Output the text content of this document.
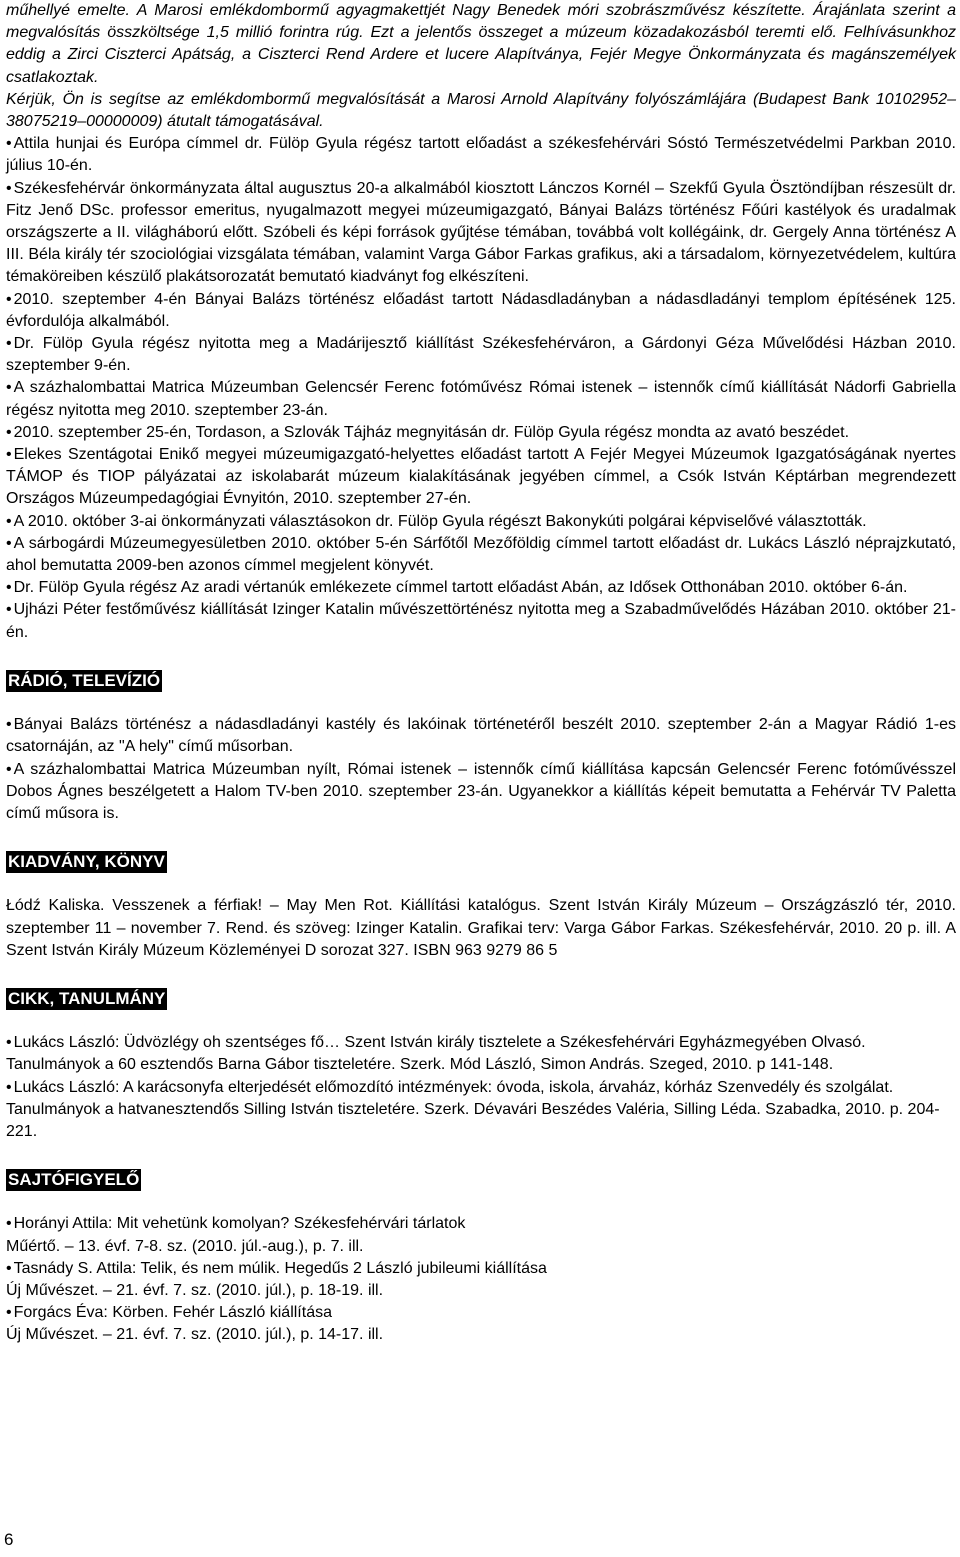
műhellyé emelte. A Marosi emlékdombormű agyagmakettjét Nagy Benedek móri szobrászművész készítette. Árajánlata szerint a megvalósítás összköltsége 1,5 millió forintra rúg. Ezt a jelentős összeget a múzeum közadakozásból teremti elő. Felhívásunkhoz eddig a Zirci Ciszterci Apátság, a Ciszterci Rend Ardere et lucere Alapítványa, Fejér Megye Önkormányzata és magánszemélyek csatlakoztak.

Kérjük, Ön is segítse az emlékdombormű megvalósítását a Marosi Arnold Alapítvány folyószámlájára (Budapest Bank 10102952–38075219–00000009) átutalt támogatásával.

• Attila hunjai és Európa címmel dr. Fülöp Gyula régész tartott előadást a székesfehérvári Sóstó Természetvédelmi Parkban 2010. július 10-én.

• Székesfehérvár önkormányzata által augusztus 20-a alkalmából kiosztott Lánczos Kornél – Szekfű Gyula Ösztöndíjban részesült dr. Fitz Jenő DSc. professor emeritus, nyugalmazott megyei múzeumigazgató, Bányai Balázs történész Főúri kastélyok és uradalmak országszerte a II. világháború előtt. Szóbeli és képi források gyűjtése témában, továbbá volt kollégáink, dr. Gergely Anna történész A III. Béla király tér szociológiai vizsgálata témában, valamint Varga Gábor Farkas grafikus, aki a társadalom, környezetvédelem, kultúra témaköreiben készülő plakátsorozatát bemutató kiadványt fog elkészíteni.

• 2010. szeptember 4-én Bányai Balázs történész előadást tartott Nádasdladányban a nádasdladányi templom építésének 125. évfordulója alkalmából.

• Dr. Fülöp Gyula régész nyitotta meg a Madárijesztő kiállítást Székesfehérváron, a Gárdonyi Géza Művelődési Házban 2010. szeptember 9-én.

• A százhalombattai Matrica Múzeumban Gelencsér Ferenc fotóművész Római istenek – istennők című kiállítását Nádorfi Gabriella régész nyitotta meg 2010. szeptember 23-án.

• 2010. szeptember 25-én, Tordason, a Szlovák Tájház megnyitásán dr. Fülöp Gyula régész mondta az avató beszédet.

• Elekes Szentágotai Enikő megyei múzeumigazgató-helyettes előadást tartott A Fejér Megyei Múzeumok Igazgatóságának nyertes TÁMOP és TIOP pályázatai az iskolabarát múzeum kialakításának jegyében címmel, a Csók István Képtárban megrendezett Országos Múzeumpedagógiai Évnyitón, 2010. szeptember 27-én.

• A 2010. október 3-ai önkormányzati választásokon dr. Fülöp Gyula régészt Bakonykúti polgárai képviselővé választották.

• A sárbogárdi Múzeumegyesületben 2010. október 5-én Sárfőtől Mezőföldig címmel tartott előadást dr. Lukács László néprajzkutató, ahol bemutatta 2009-ben azonos címmel megjelent könyvét.

• Dr. Fülöp Gyula régész Az aradi vértanúk emlékezete címmel tartott előadást Abán, az Idősek Otthonában 2010. október 6-án.

• Ujházi Péter festőművész kiállítását Izinger Katalin művészettörténész nyitotta meg a Szabadművelődés Házában 2010. október 21-én.

RÁDIÓ, TELEVÍZIÓ

• Bányai Balázs történész a nádasdladányi kastély és lakóinak történetéről beszélt 2010. szeptember 2-án a Magyar Rádió 1-es csatornáján, az "A hely" című műsorban.

• A százhalombattai Matrica Múzeumban nyílt, Római istenek – istennők című kiállítása kapcsán Gelencsér Ferenc fotóművésszel Dobos Ágnes beszélgetett a Halom TV-ben 2010. szeptember 23-án. Ugyanekkor a kiállítás képeit bemutatta a Fehérvár TV Paletta című műsora is.

KIADVÁNY, KÖNYV

Łódź Kaliska. Vesszenek a férfiak! – May Men Rot. Kiállítási katalógus. Szent István Király Múzeum – Országzászló tér, 2010. szeptember 11 – november 7. Rend. és szöveg: Izinger Katalin. Grafikai terv: Varga Gábor Farkas. Székesfehérvár, 2010. 20 p. ill. A Szent István Király Múzeum Közleményei D sorozat 327. ISBN 963 9279 86 5

CIKK, TANULMÁNY

• Lukács László: Üdvözlégy oh szentséges fő… Szent István király tisztelete a Székesfehérvári Egyházmegyében Olvasó. Tanulmányok a 60 esztendős Barna Gábor tiszteletére. Szerk. Mód László, Simon András. Szeged, 2010. p 141-148.

• Lukács László: A karácsonyfa elterjedését előmozdító intézmények: óvoda, iskola, árvaház, kórház Szenvedély és szolgálat. Tanulmányok a hatvanesztendős Silling István tiszteletére. Szerk. Dévavári Beszédes Valéria, Silling Léda. Szabadka, 2010. p. 204-221.

SAJTÓFIGYELŐ

• Horányi Attila: Mit vehetünk komolyan? Székesfehérvári tárlatok

Műértő. – 13. évf. 7-8. sz. (2010. júl.-aug.), p. 7. ill.

• Tasnády S. Attila: Telik, és nem múlik. Hegedűs 2 László jubileumi kiállítása

Új Művészet. – 21. évf. 7. sz. (2010. júl.), p. 18-19. ill.

• Forgács Éva: Körben. Fehér László kiállítása

Új Művészet. – 21. évf. 7. sz. (2010. júl.), p. 14-17. ill.

6
